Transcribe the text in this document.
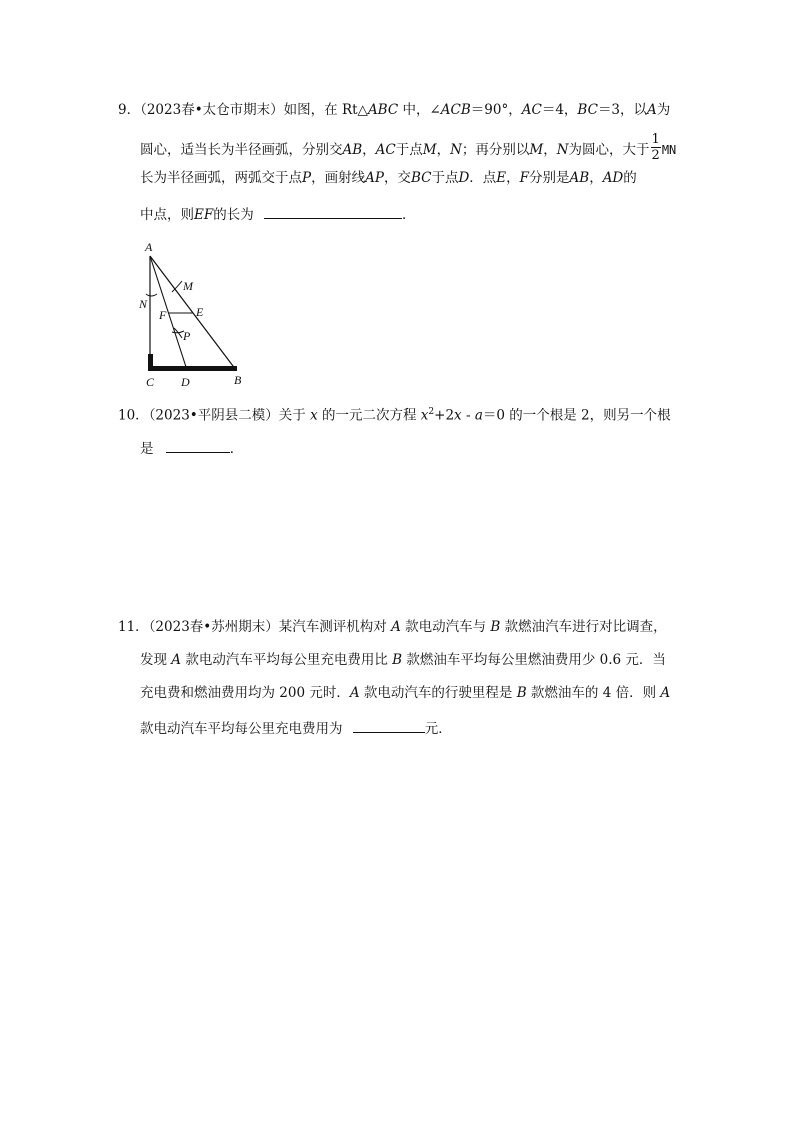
9．（2023春•太仓市期末）如图，在 Rt△ABC 中，∠ACB＝90°，AC＝4，BC＝3，以A为
圆心，适当长为半径画弧，分别交AB，AC于点M，N；再分别以M，N为圆心，大于 $\frac{1}{2}$ MN
长为半径画弧，两弧交于点P，画射线AP，交BC于点D．点E，F分别是AB，AD的
中点，则EF的长为	．
A
M
N
E
F
P
C D	B
10．（2023•平阴县二模）关于 x 的一元二次方程 $x^2+2x - a=0$ 的一个根是 2，则另一个根
是	．
11．（2023春•苏州期末）某汽车测评机构对 A 款电动汽车与 B 款燃油汽车进行对比调查，
发现 A 款电动汽车平均每公里充电费用比 B 款燃油车平均每公里燃油费用少 0.6 元．当
充电费和燃油费用均为 200 元时．A 款电动汽车的行驶里程是 B 款燃油车的 4 倍．则 A
款电动汽车平均每公里充电费用为	元．
